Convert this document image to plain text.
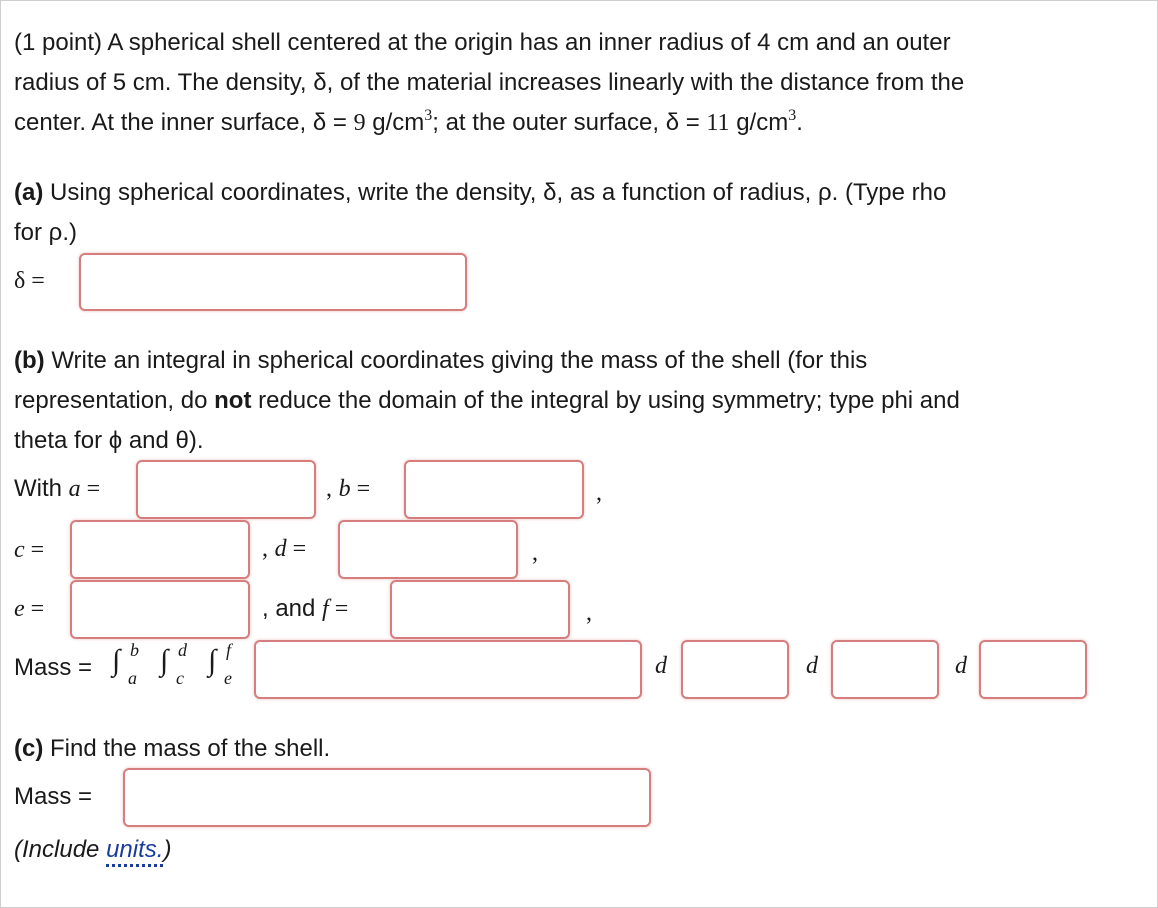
(1 point) A spherical shell centered at the origin has an inner radius of 4 cm and an outer
radius of 5 cm. The density, δ, of the material increases linearly with the distance from the
center. At the inner surface, δ = 9 $g/cm^3$; at the outer surface, δ = 11 $g/cm^3$.
(a) Using spherical coordinates, write the density, δ, as a function of radius, ρ. (Type rho
for ρ.)
δ =
(b) Write an integral in spherical coordinates giving the mass of the shell (for this
representation, do not reduce the domain of the integral by using symmetry; type phi and
theta for ϕ and θ).
With a =	, b =	,
c =	, d =	,
e =	, and f =	,
Mass = ∫ b
a
∫ d
c
∫ f
e	d	d	d
(c) Find the mass of the shell.
Mass =
(Include units.)
